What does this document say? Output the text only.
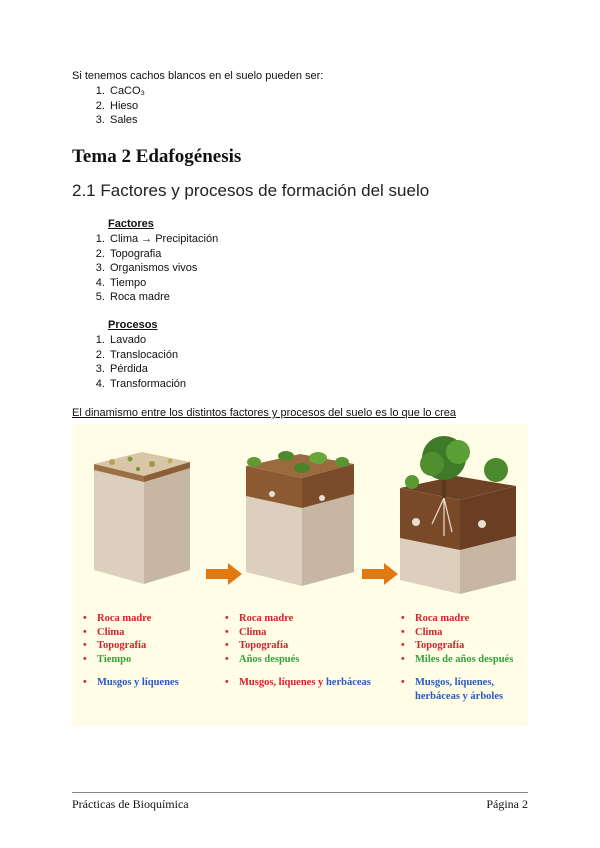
Si tenemos cachos blancos en el suelo pueden ser:
1. CaCO₃
2. Hieso
3. Sales
Tema 2 Edafogénesis
2.1 Factores y procesos de formación del suelo
Factores
1. Clima → Precipitación
2. Topografia
3. Organismos vivos
4. Tiempo
5. Roca madre
Procesos
1. Lavado
2. Translocación
3. Pérdida
4. Transformación
El dinamismo entre los distintos factores y procesos del suelo es lo que lo crea
• Roca madre
• Clima
• Topografía
• Tiempo
• Musgos y líquenes
• Roca madre
• Clima
• Topografía
• Años después
• Musgos, líquenes y herbáceas
• Roca madre
• Clima
• Topografía
• Miles de años después
• Musgos, líquenes,
herbáceas y árboles
Prácticas de Bioquímica	Página 2
